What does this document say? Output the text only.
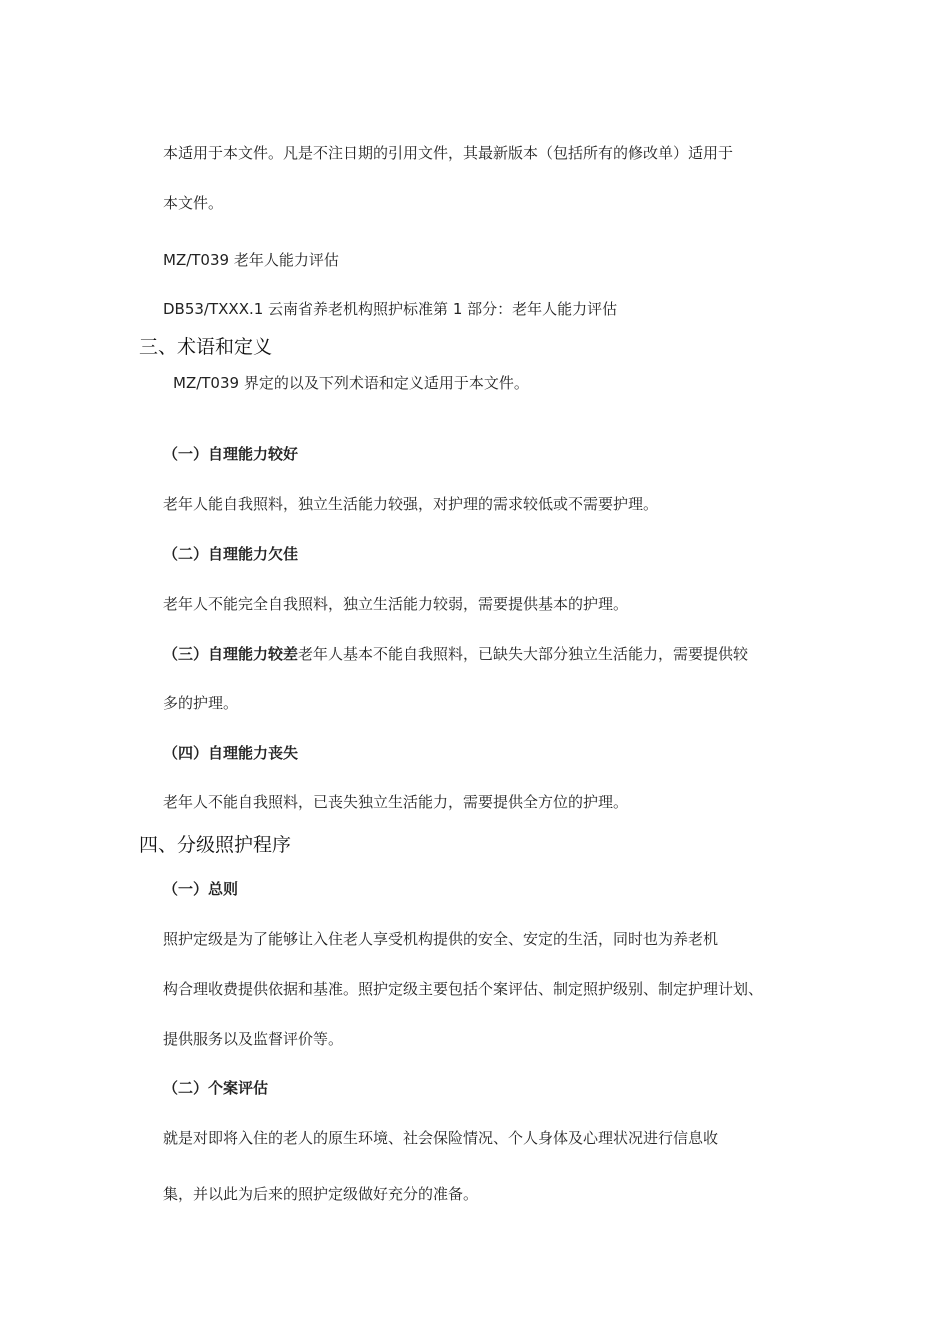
本适用于本文件。凡是不注日期的引用文件，其最新版本（包括所有的修改单）适用于
本文件。
MZ/T039 老年人能力评估
DB53/TXXX.1 云南省养老机构照护标准第 1 部分：老年人能力评估
三、术语和定义
MZ/T039 界定的以及下列术语和定义适用于本文件。
（一）自理能力较好
老年人能自我照料，独立生活能力较强，对护理的需求较低或不需要护理。
（二）自理能力欠佳
老年人不能完全自我照料，独立生活能力较弱，需要提供基本的护理。
（三）自理能力较差老年人基本不能自我照料，已缺失大部分独立生活能力，需要提供较
多的护理。
（四）自理能力丧失
老年人不能自我照料，已丧失独立生活能力，需要提供全方位的护理。
四、分级照护程序
（一）总则
照护定级是为了能够让入住老人享受机构提供的安全、安定的生活，同时也为养老机
构合理收费提供依据和基准。照护定级主要包括个案评估、制定照护级别、制定护理计划、
提供服务以及监督评价等。
（二）个案评估
就是对即将入住的老人的原生环境、社会保险情况、个人身体及心理状况进行信息收
集，并以此为后来的照护定级做好充分的准备。
